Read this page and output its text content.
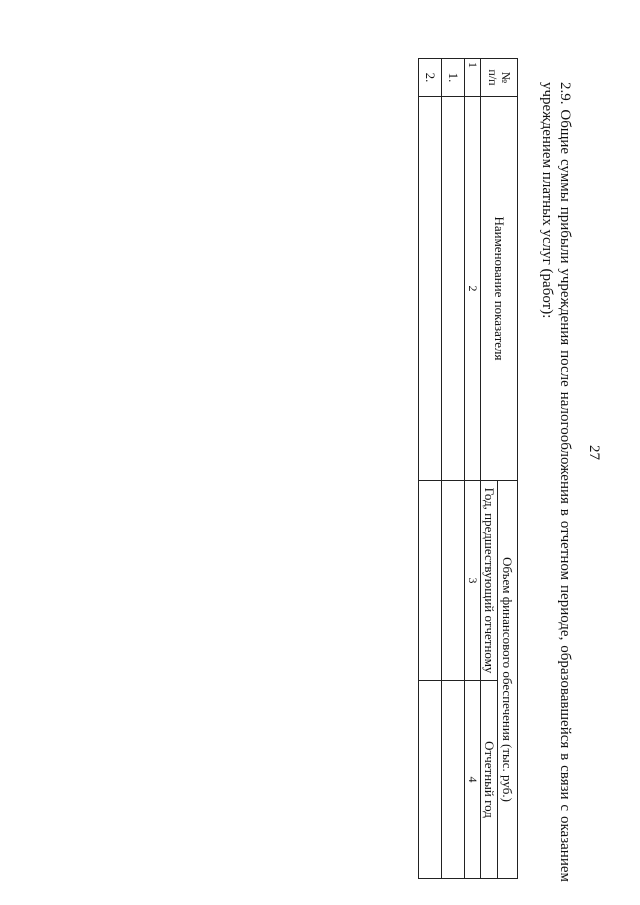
27
2.9. Общие суммы прибыли учреждения после налогообложения в отчетном периоде, образовавшейся в связи с оказанием учреждением платных услуг (работ):
№
п/п	Наименование показателя	Объем финансового обеспечения (тыс. руб.)	
		Год, предшествующий отчетному	Отчетный год
1	2	3	4
1.			
2.			
